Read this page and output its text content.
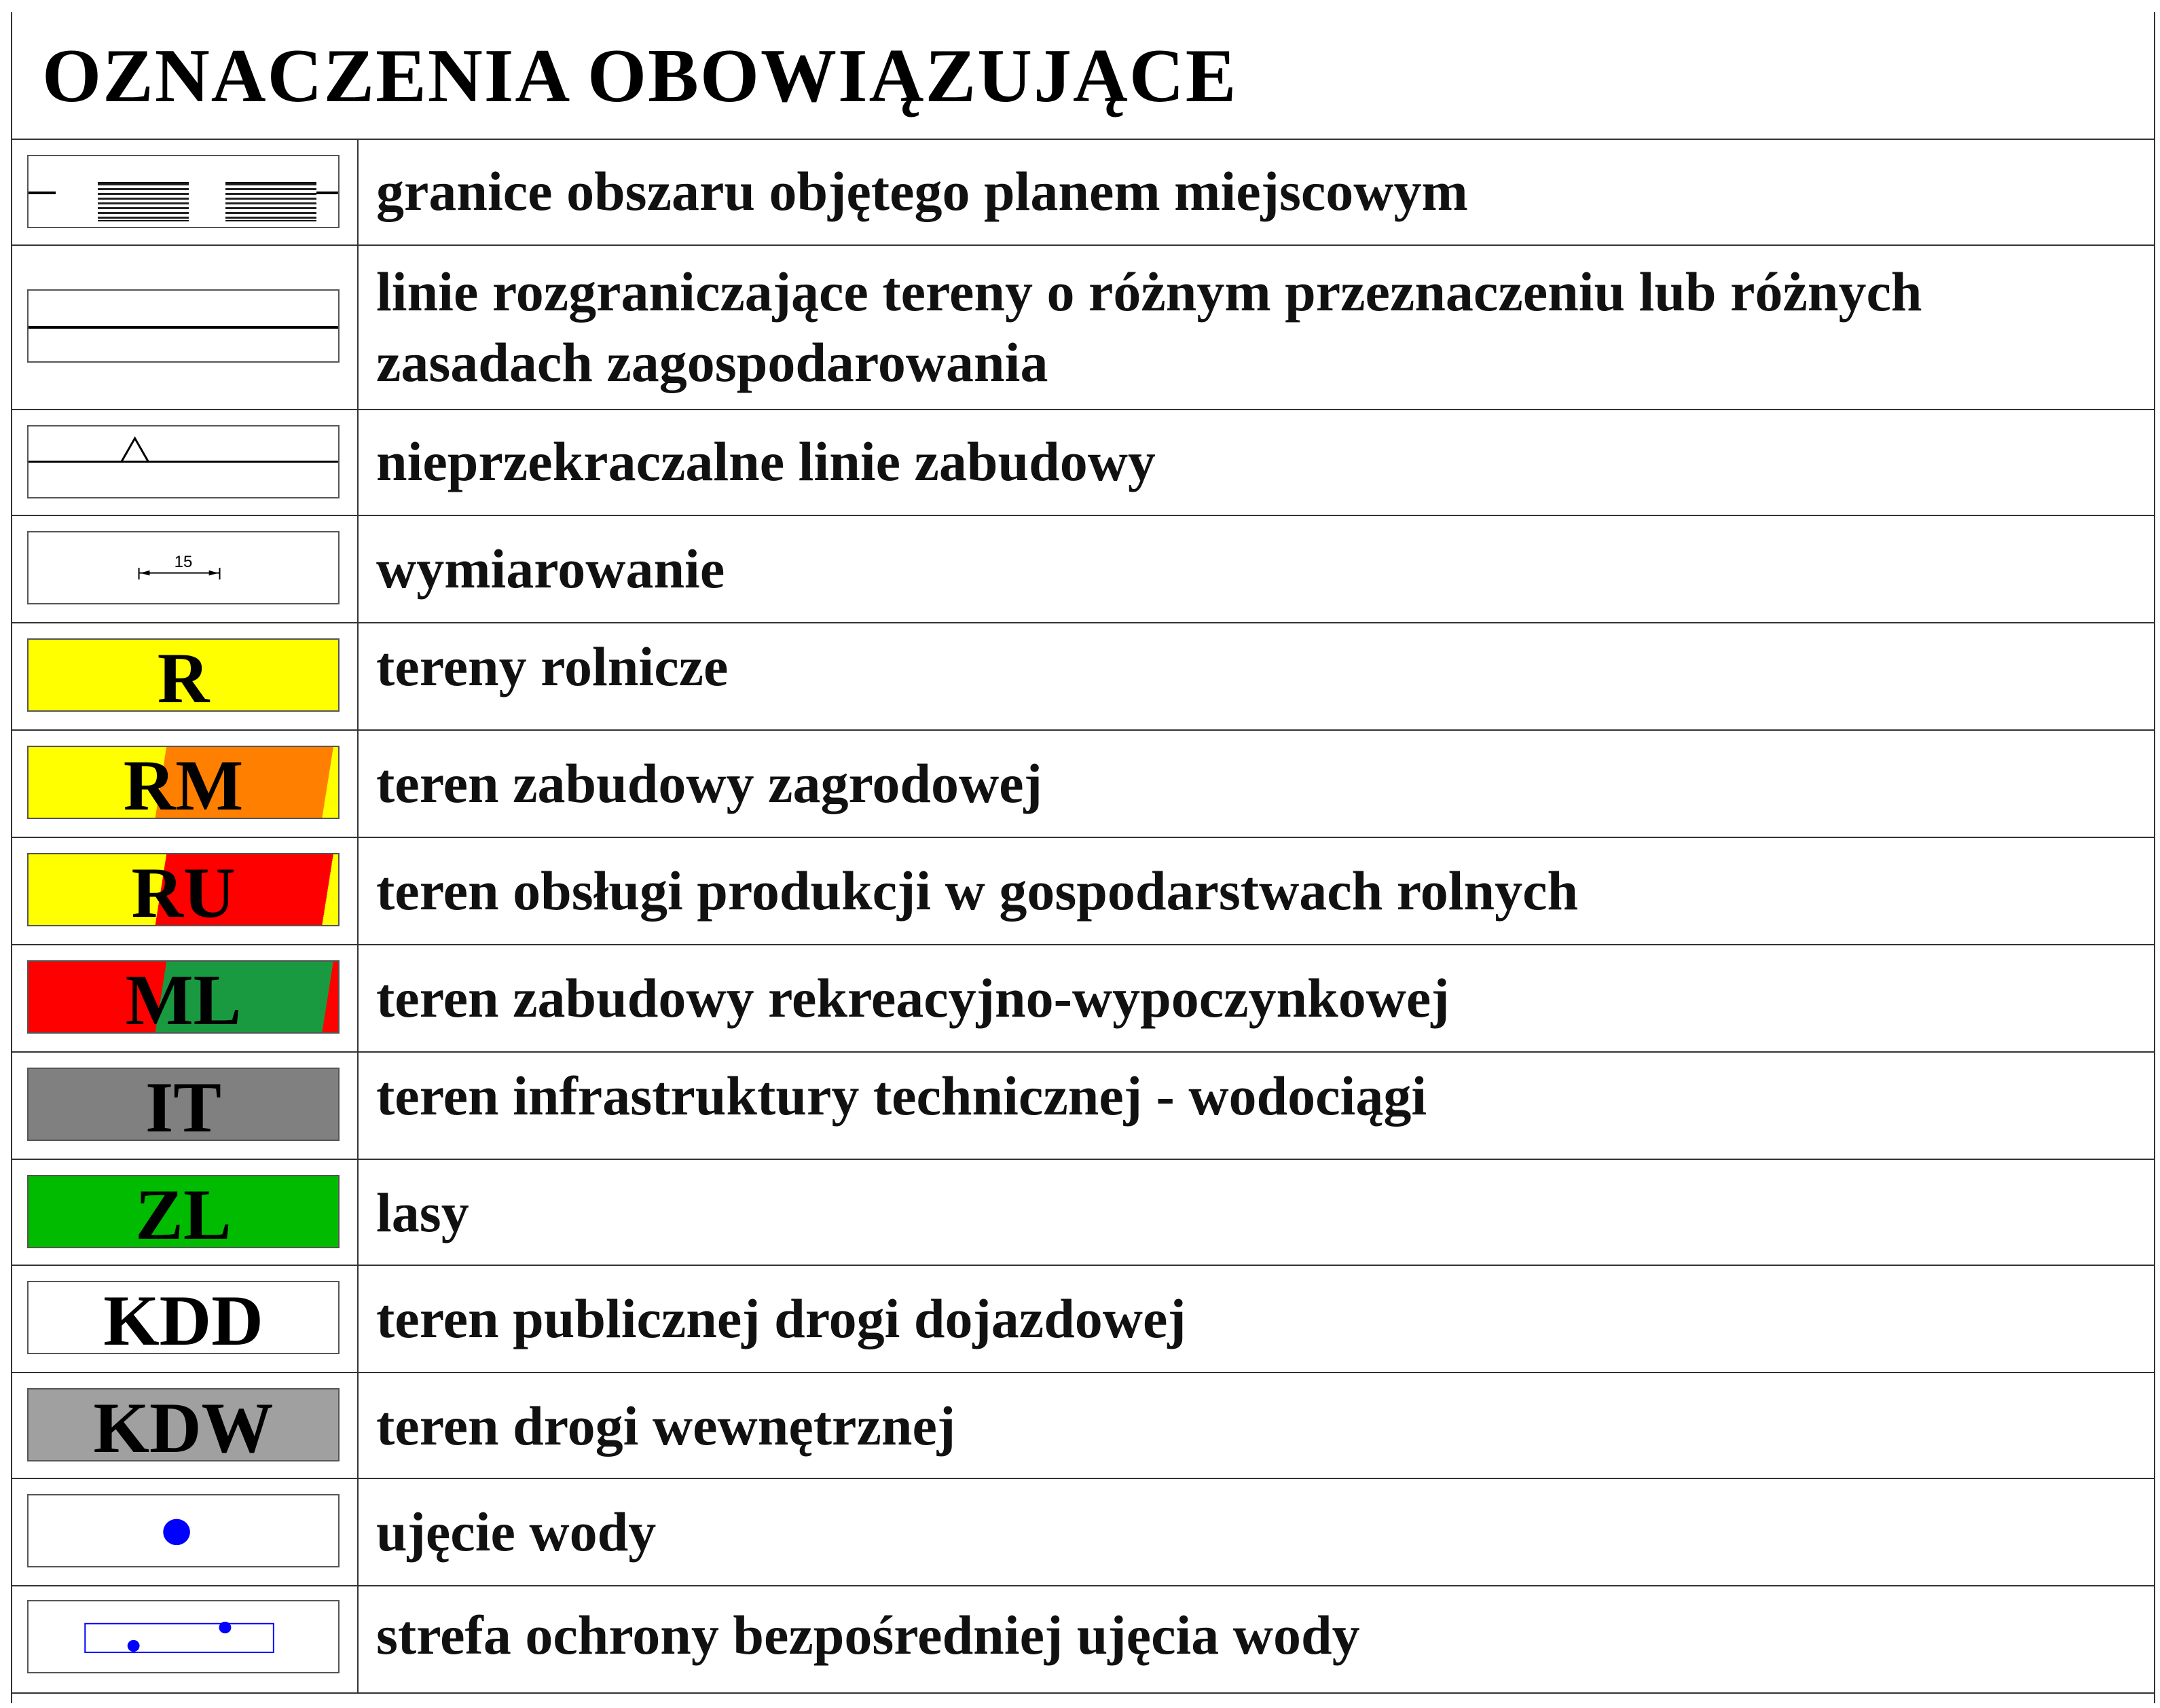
OZNACZENIA OBOWIĄZUJĄCE
granice obszaru objętego planem miejscowym
linie rozgraniczające tereny o różnym przeznaczeniu lub różnych zasadach zagospodarowania
nieprzekraczalne linie zabudowy
15	wymiarowanie
R	tereny rolnicze
RM	teren zabudowy zagrodowej
RU	teren obsługi produkcji w gospodarstwach rolnych
ML	teren zabudowy rekreacyjno-wypoczynkowej
IT	teren infrastruktury technicznej - wodociągi
ZL	lasy
KDD	teren publicznej drogi dojazdowej
KDW	teren drogi wewnętrznej
ujęcie wody
strefa ochrony bezpośredniej ujęcia wody
